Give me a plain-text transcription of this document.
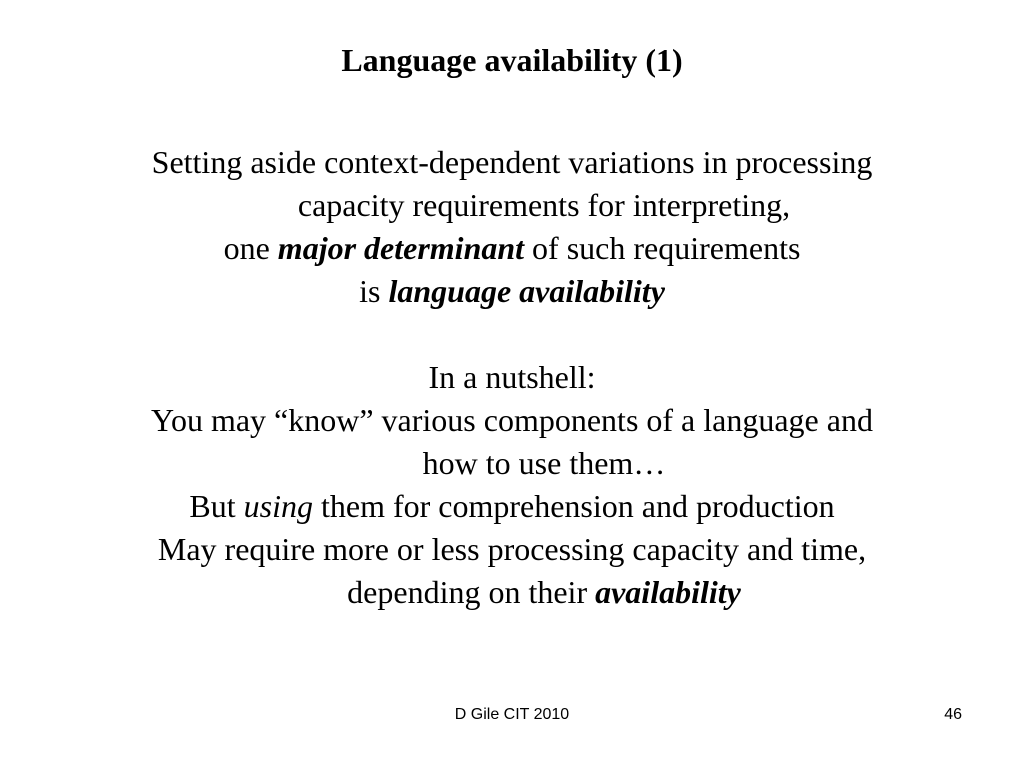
Language availability (1)
Setting aside context-dependent variations in processing
capacity requirements for interpreting,
one major determinant of such requirements
is language availability
In a nutshell:
You may “know” various components of a language and
how to use them…
But using them for comprehension and production
May require more or less processing capacity and time,
depending on their availability
D Gile CIT 2010	46
